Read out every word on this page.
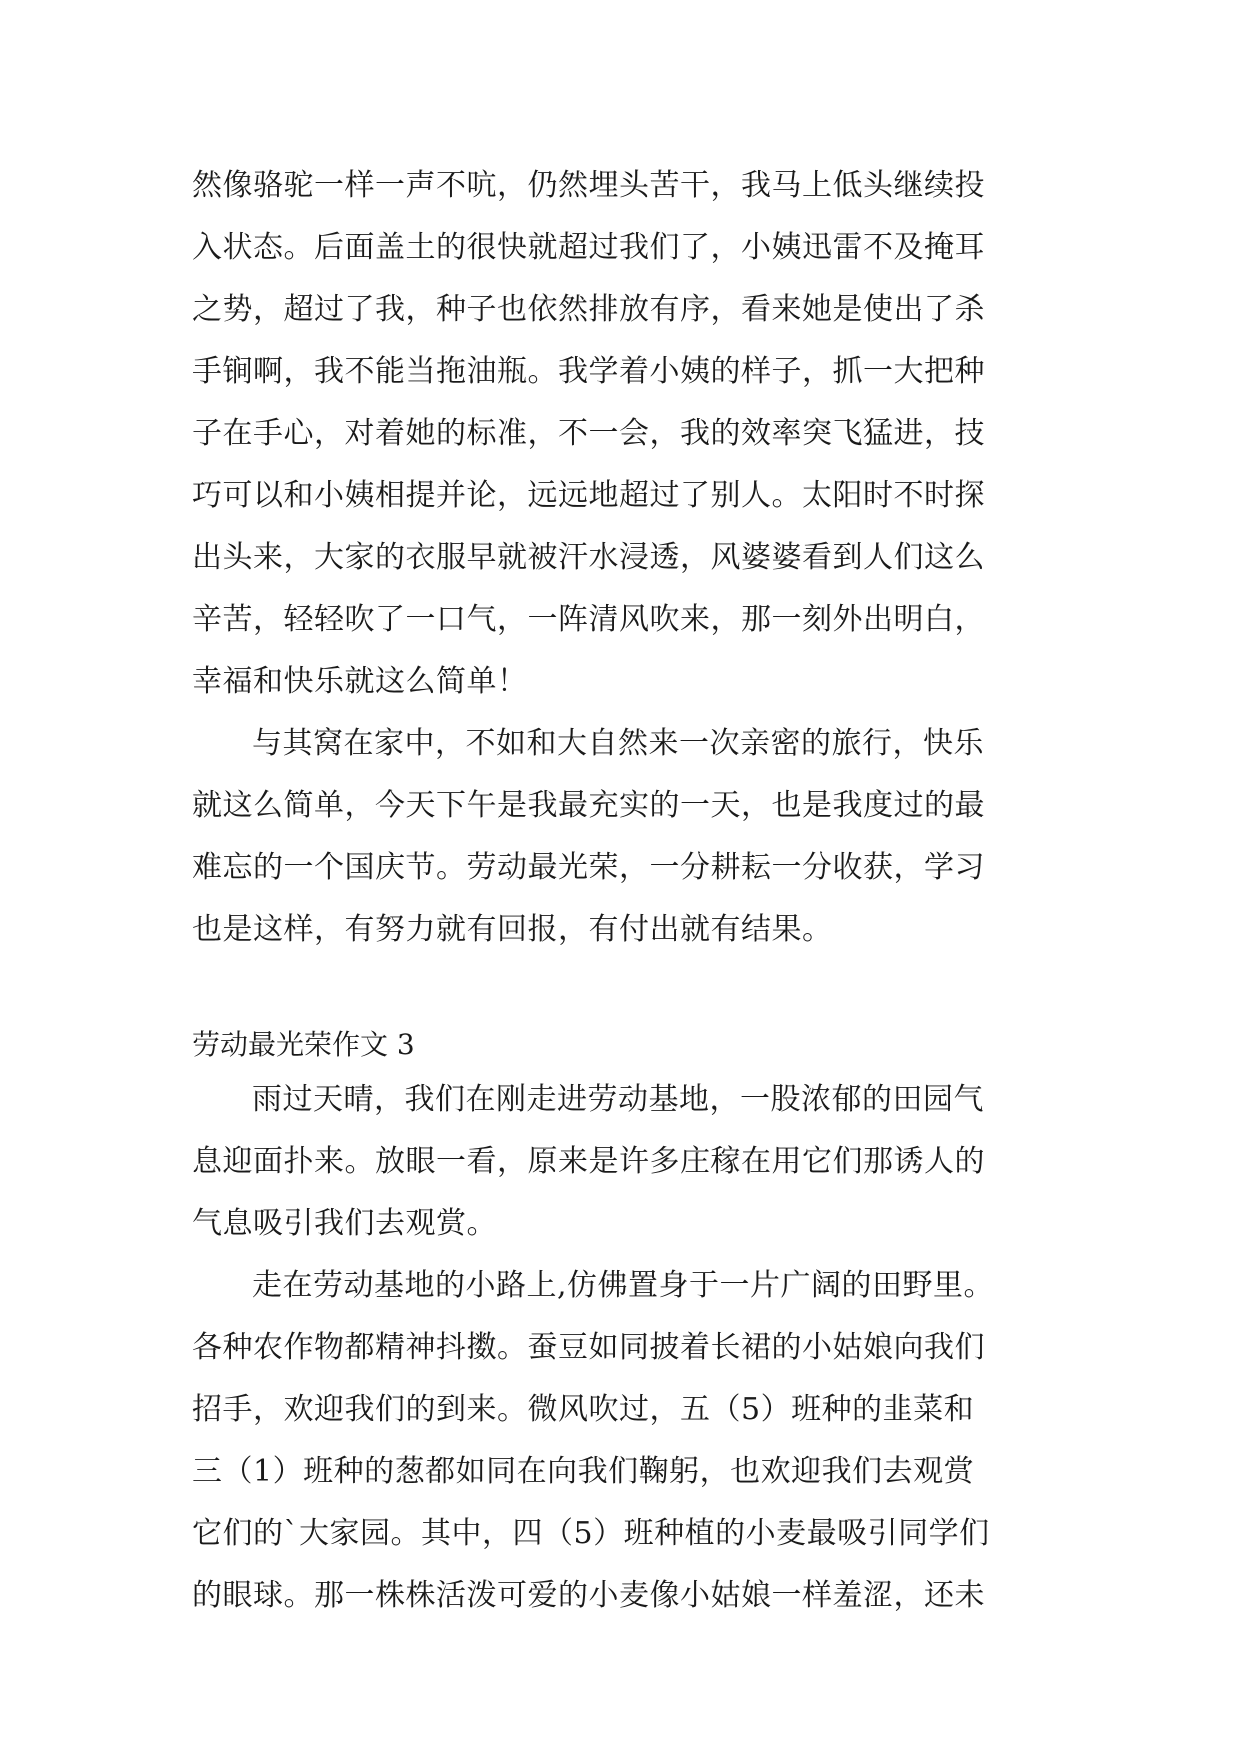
然像骆驼一样一声不吭，仍然埋头苦干，我马上低头继续投
入状态。后面盖土的很快就超过我们了，小姨迅雷不及掩耳
之势，超过了我，种子也依然排放有序，看来她是使出了杀
手锏啊，我不能当拖油瓶。我学着小姨的样子，抓一大把种
子在手心，对着她的标准，不一会，我的效率突飞猛进，技
巧可以和小姨相提并论，远远地超过了别人。太阳时不时探
出头来，大家的衣服早就被汗水浸透，风婆婆看到人们这么
辛苦，轻轻吹了一口气，一阵清风吹来，那一刻外出明白，
幸福和快乐就这么简单！
与其窝在家中，不如和大自然来一次亲密的旅行，快乐
就这么简单，今天下午是我最充实的一天，也是我度过的最
难忘的一个国庆节。劳动最光荣，一分耕耘一分收获，学习
也是这样，有努力就有回报，有付出就有结果。
劳动最光荣作文 3
雨过天晴，我们在刚走进劳动基地，一股浓郁的田园气
息迎面扑来。放眼一看，原来是许多庄稼在用它们那诱人的
气息吸引我们去观赏。
走在劳动基地的小路上,仿佛置身于一片广阔的田野里。
各种农作物都精神抖擞。蚕豆如同披着长裙的小姑娘向我们
招手，欢迎我们的到来。微风吹过，五（5）班种的韭菜和
三（1）班种的葱都如同在向我们鞠躬，也欢迎我们去观赏
它们的`大家园。其中，四（5）班种植的小麦最吸引同学们
的眼球。那一株株活泼可爱的小麦像小姑娘一样羞涩，还未
